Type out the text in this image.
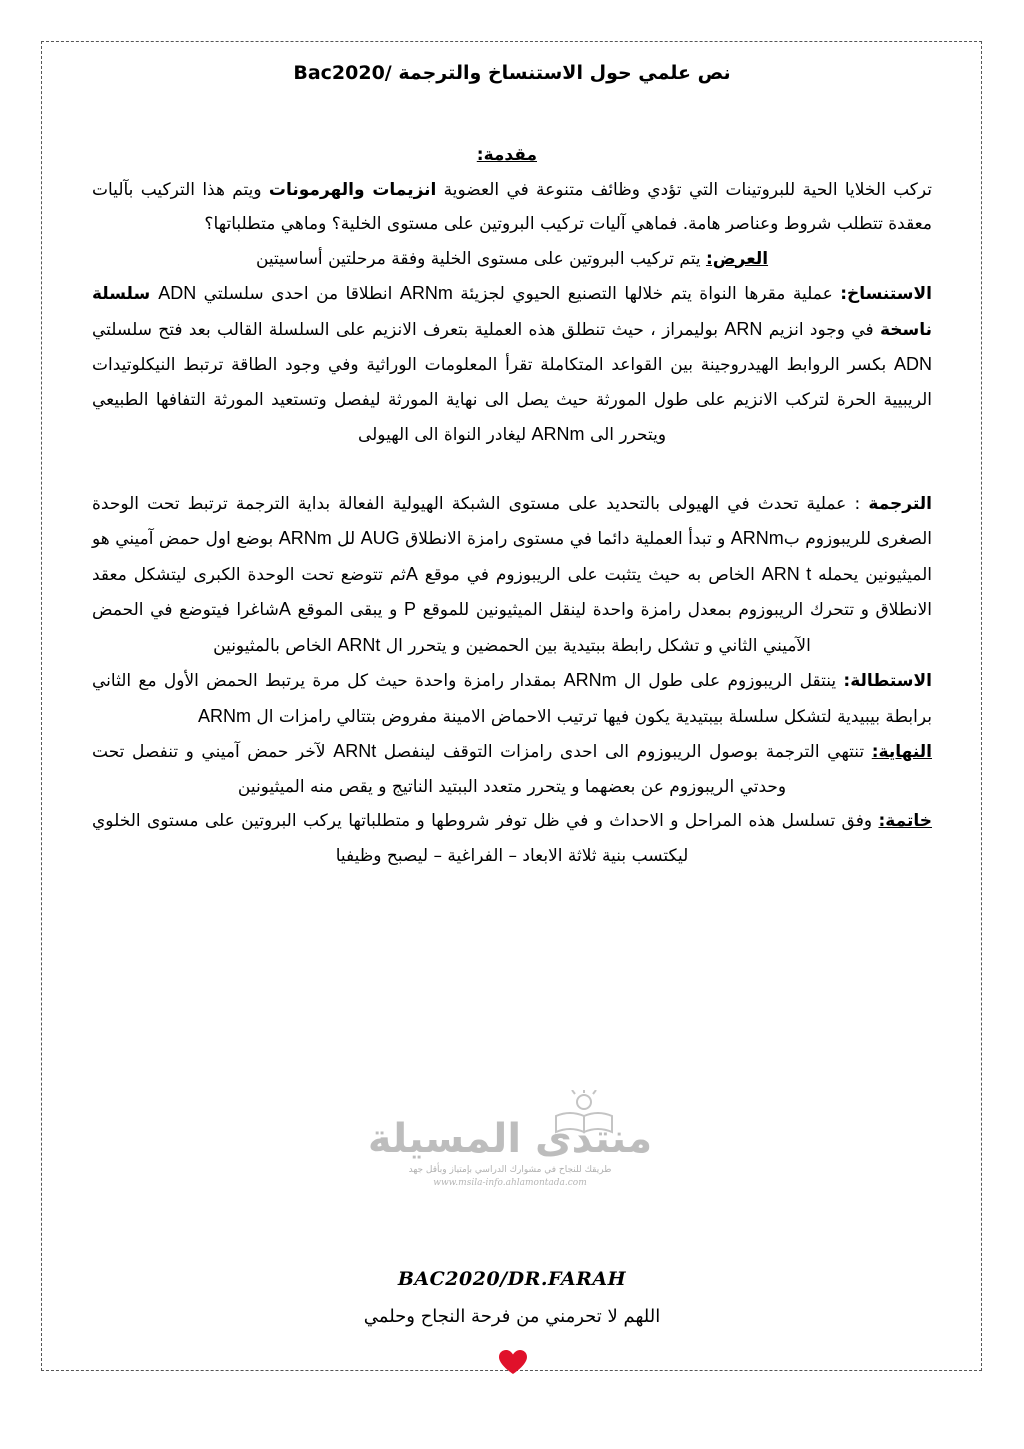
نص علمي حول الاستنساخ والترجمة /Bac2020
مقدمة:

تركب الخلايا الحية للبروتينات التي تؤدي وظائف متنوعة في العضوية انزيمات والهرمونات ويتم هذا التركيب بآليات معقدة تتطلب شروط وعناصر هامة. فماهي آليات تركيب البروتين على مستوى الخلية؟ وماهي متطلباتها؟

العرض: يتم تركيب البروتين على مستوى الخلية وفقة مرحلتين أساسيتين

الاستنساخ: عملية مقرها النواة يتم خلالها التصنيع الحيوي لجزيئة ARNm انطلاقا من احدى سلسلتي ADN سلسلة ناسخة في وجود انزيم ARN بوليمراز ، حيث تنطلق هذه العملية بتعرف الانزيم على السلسلة القالب بعد فتح سلسلتي ADN بكسر الروابط الهيدروجينة بين القواعد المتكاملة تقرأ المعلومات الوراثية وفي وجود الطاقة ترتبط النيكلوتيدات الريبيية الحرة لتركب الانزيم على طول المورثة حيث يصل الى نهاية المورثة ليفصل وتستعيد المورثة التفافها الطبيعي ويتحرر الى ARNm ليغادر النواة الى الهيولى

الترجمة : عملية تحدث في الهيولى بالتحديد على مستوى الشبكة الهيولية الفعالة بداية الترجمة ترتبط تحت الوحدة الصغرى للريبوزوم بARNm و تبدأ العملية دائما في مستوى رامزة الانطلاق AUG لل ARNm بوضع اول حمض آميني هو الميثيونين يحمله ARN t الخاص به حيث يتثبت على الريبوزوم في موقع Aثم تتوضع تحت الوحدة الكبرى ليتشكل معقد الانطلاق و تتحرك الريبوزوم بمعدل رامزة واحدة لينقل الميثيونين للموقع P و يبقى الموقع Aشاغرا فيتوضع في الحمض الآميني الثاني و تشكل رابطة ببتيدية بين الحمضين و يتحرر ال ARNt الخاص بالمثيونين

الاستطالة: ينتقل الريبوزوم على طول ال ARNm بمقدار رامزة واحدة حيث كل مرة يرتبط الحمض الأول مع الثاني برابطة بيبيدية لتشكل سلسلة بيبتيدية يكون فيها ترتيب الاحماض الامينة مفروض بتتالي رامزات ال ARNm

النهاية: تنتهي الترجمة بوصول الريبوزوم الى احدى رامزات التوقف لينفصل ARNt لآخر حمض آميني و تنفصل تحت وحدتي الريبوزوم عن بعضهما و يتحرر متعدد الببتيد الناتيج و يقص منه الميثيونين

خاتمة: وفق تسلسل هذه المراحل و الاحداث و في ظل توفر شروطها و متطلباتها يركب البروتين على مستوى الخلوي ليكتسب بنية ثلاثة الابعاد – الفراغية – ليصبح وظيفيا

منتدى المسيلة
طريقك للنجاح في مشوارك الدراسي بإمتياز وبأقل جهد
www.msila-info.ahlamontada.com
BAC2020/DR.FARAH
اللهم لا تحرمني من فرحة النجاح وحلمي
